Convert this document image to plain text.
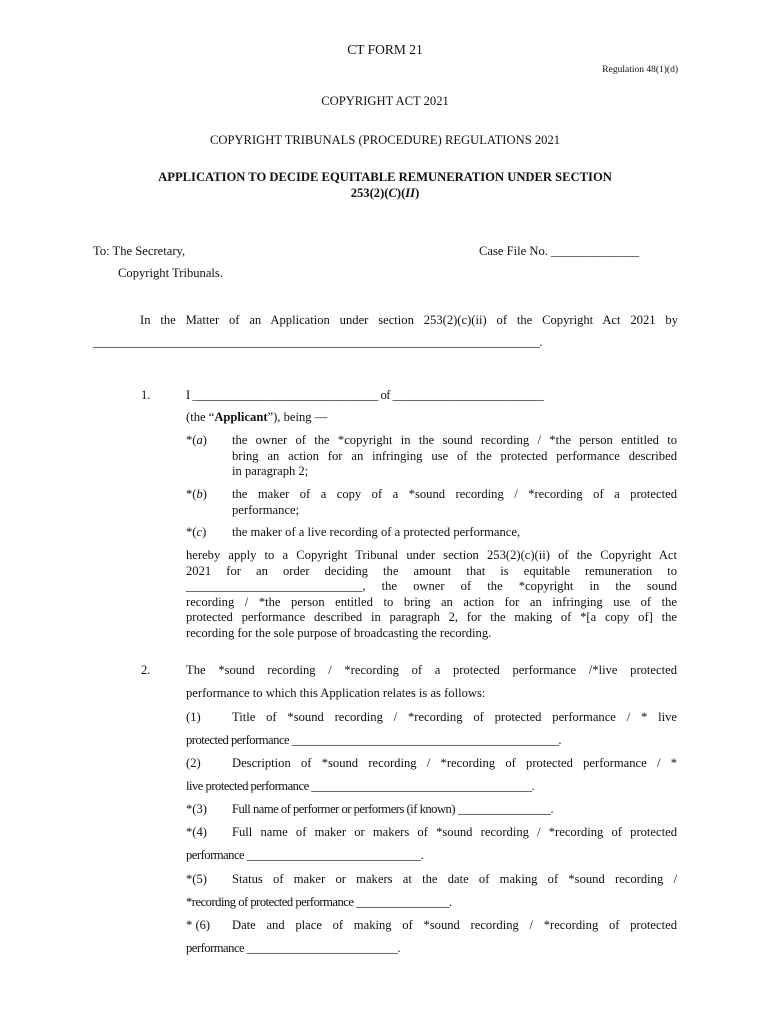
CT FORM 21
Regulation 48(1)(d)
COPYRIGHT ACT 2021
COPYRIGHT TRIBUNALS (PROCEDURE) REGULATIONS 2021
APPLICATION TO DECIDE EQUITABLE REMUNERATION UNDER SECTION
253(2)(C)(II)
To: The Secretary,
Copyright Tribunals.
Case File No. ______________
In the Matter of an Application under section 253(2)(c)(ii) of the Copyright Act 2021 by
_____________________________________________________________________________.
1.	I ________________________________ of __________________________
(the “Applicant”), being —
*(a) the owner of the *copyright in the sound recording / *the person entitled to
bring an action for an infringing use of the protected performance described
in paragraph 2;
*(b) the maker of a copy of a *sound recording / *recording of a protected
performance;
*(c) the maker of a live recording of a protected performance,
hereby apply to a Copyright Tribunal under section 253(2)(c)(ii) of the Copyright Act
2021 for an order deciding the amount that is equitable remuneration to
____________________________, the owner of the *copyright in the sound
recording / *the person entitled to bring an action for an infringing use of the
protected performance described in paragraph 2, for the making of *[a copy of] the
recording for the sole purpose of broadcasting the recording.
2.	The *sound recording / *recording of a protected performance /*live protected
performance to which this Application relates is as follows:
(1) Title of *sound recording / *recording of protected performance / * live
protected performance ______________________________________________.
(2) Description of *sound recording / *recording of protected performance / *
live protected performance ______________________________________.
*(3) Full name of performer or performers (if known) ________________.
*(4) Full name of maker or makers of *sound recording / *recording of protected
performance ______________________________.
*(5) Status of maker or makers at the date of making of *sound recording /
*recording of protected performance ________________.
* (6) Date and place of making of *sound recording / *recording of protected
performance __________________________.
